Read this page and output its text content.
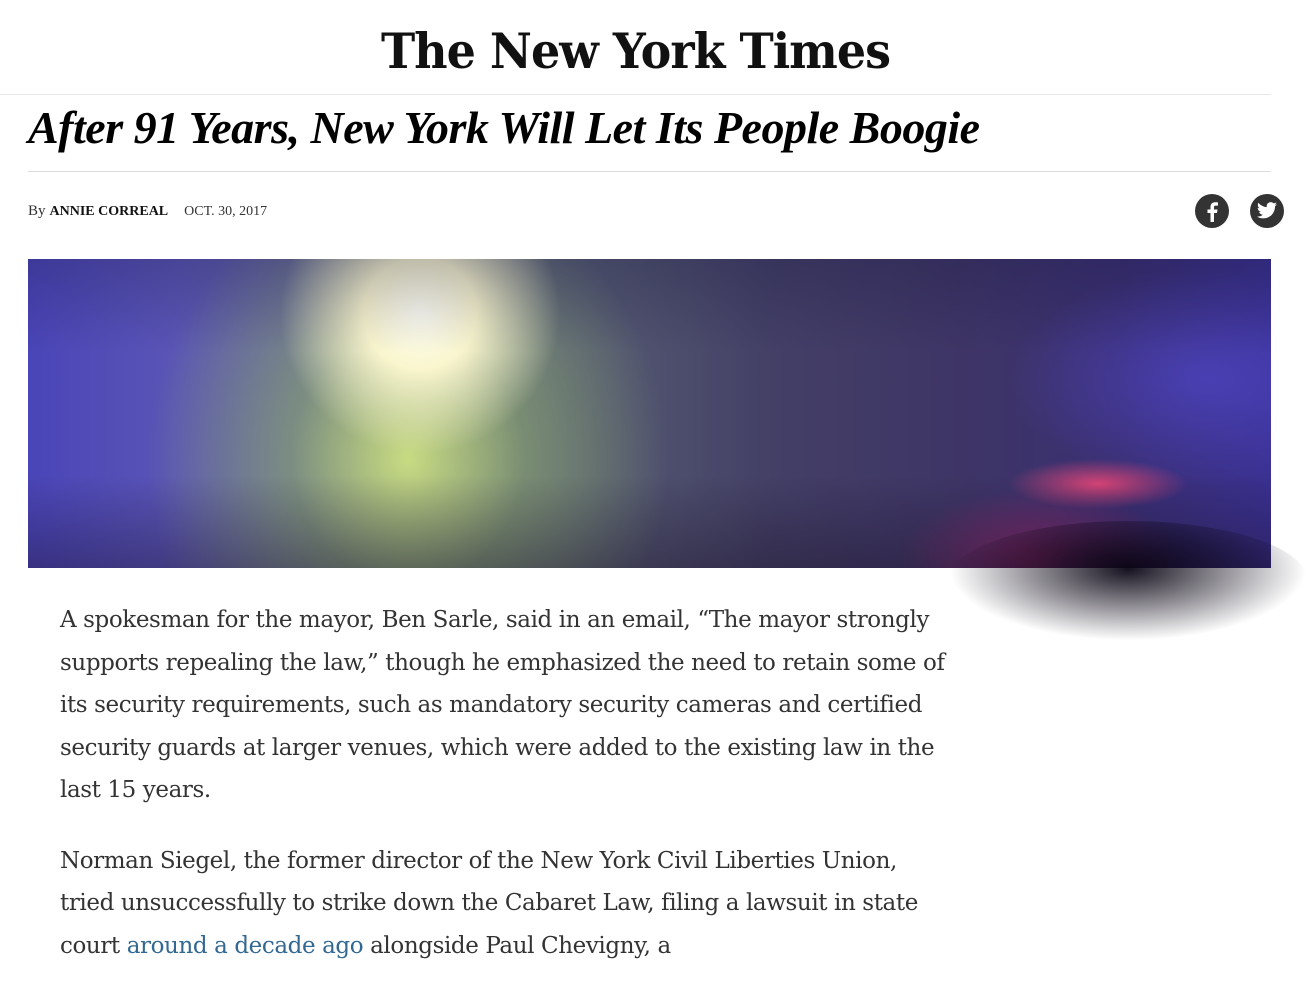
The New York Times
After 91 Years, New York Will Let Its People Boogie
By ANNIE CORREAL OCT. 30, 2017

A spokesman for the mayor, Ben Sarle, said in an email, “The mayor strongly supports repealing the law,” though he emphasized the need to retain some of its security requirements, such as mandatory security cameras and certified security guards at larger venues, which were added to the existing law in the last 15 years.

Norman Siegel, the former director of the New York Civil Liberties Union, tried unsuccessfully to strike down the Cabaret Law, filing a lawsuit in state court around a decade ago alongside Paul Chevigny, a
